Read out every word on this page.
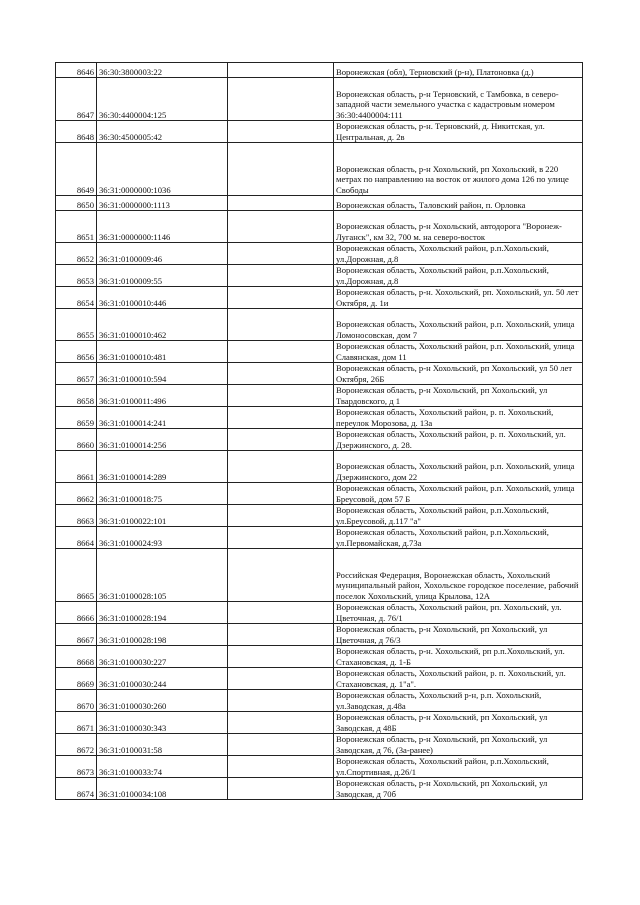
8646	36:30:3800003:22		Воронежская (обл), Терновский (р-н), Платоновка (д.)
8647	36:30:4400004:125		Воронежская область, р-н Терновский, с Тамбовка, в северо-западной части земельного участка с кадастровым номером 36:30:4400004:111
8648	36:30:4500005:42		Воронежская область, р-н. Терновский, д. Никитская, ул. Центральная, д. 2в
8649	36:31:0000000:1036		Воронежская область, р-н Хохольский, рп Хохольский, в 220 метрах по направлению на восток от жилого дома 126 по улице Свободы
8650	36:31:0000000:1113		Воронежская область, Таловский район, п. Орловка
8651	36:31:0000000:1146		Воронежская область, р-н Хохольский, автодорога "Воронеж-Луганск", км 32, 700 м. на северо-восток
8652	36:31:0100009:46		Воронежская область, Хохольский район, р.п.Хохольский, ул.Дорожная, д.8
8653	36:31:0100009:55		Воронежская область, Хохольский район, р.п.Хохольский, ул.Дорожная, д.8
8654	36:31:0100010:446		Воронежская область, р-н. Хохольский, рп. Хохольский, ул. 50 лет Октября, д. 1и
8655	36:31:0100010:462		Воронежская область, Хохольский район, р.п. Хохольский, улица Ломоносовская, дом 7
8656	36:31:0100010:481		Воронежская область, Хохольский район, р.п. Хохольский, улица Славянская, дом 11
8657	36:31:0100010:594		Воронежская область, р-н Хохольский, рп Хохольский, ул 50 лет Октября, 26Б
8658	36:31:0100011:496		Воронежская область, р-н Хохольский, рп Хохольский, ул Твардовского, д 1
8659	36:31:0100014:241		Воронежская область, Хохольский район, р. п. Хохольский, переулок Морозова, д. 13а
8660	36:31:0100014:256		Воронежская область, Хохольский район, р. п. Хохольский, ул. Дзержинского, д. 28.
8661	36:31:0100014:289		Воронежская область, Хохольский район, р.п. Хохольский, улица Дзержинского, дом 22
8662	36:31:0100018:75		Воронежская область, Хохольский район, р.п. Хохольский, улица Бреусовой, дом 57 Б
8663	36:31:0100022:101		Воронежская область, Хохольский район, р.п.Хохольский, ул.Бреусовой, д.117 "а"
8664	36:31:0100024:93		Воронежская область, Хохольский район, р.п.Хохольский, ул.Первомайская, д.73а
8665	36:31:0100028:105		Российская Федерация, Воронежская область, Хохольский муниципальный район, Хохольское городское поселение, рабочий поселок Хохольский, улица Крылова, 12А
8666	36:31:0100028:194		Воронежская область, Хохольский район, рп. Хохольский, ул. Цветочная, д. 76/1
8667	36:31:0100028:198		Воронежская область, р-н Хохольский, рп Хохольский, ул Цветочная, д 76/3
8668	36:31:0100030:227		Воронежская область, р-н. Хохольский, рп р.п.Хохольский, ул. Стахановская, д. 1-Б
8669	36:31:0100030:244		Воронежская область, Хохольский район, р. п. Хохольский, ул. Стахановская, д. 1"а".
8670	36:31:0100030:260		Воронежская область, Хохольский р-н, р.п. Хохольский, ул.Заводская, д.48а
8671	36:31:0100030:343		Воронежская область, р-н Хохольский, рп Хохольский, ул Заводская, д 48Б
8672	36:31:0100031:58		Воронежская область, р-н Хохольский, рп Хохольский, ул Заводская, д 76, (3а-ранее)
8673	36:31:0100033:74		Воронежская область, Хохольский район, р.п.Хохольский, ул.Спортивная, д.26/1
8674	36:31:0100034:108		Воронежская область, р-н Хохольский, рп Хохольский, ул Заводская, д 70б
